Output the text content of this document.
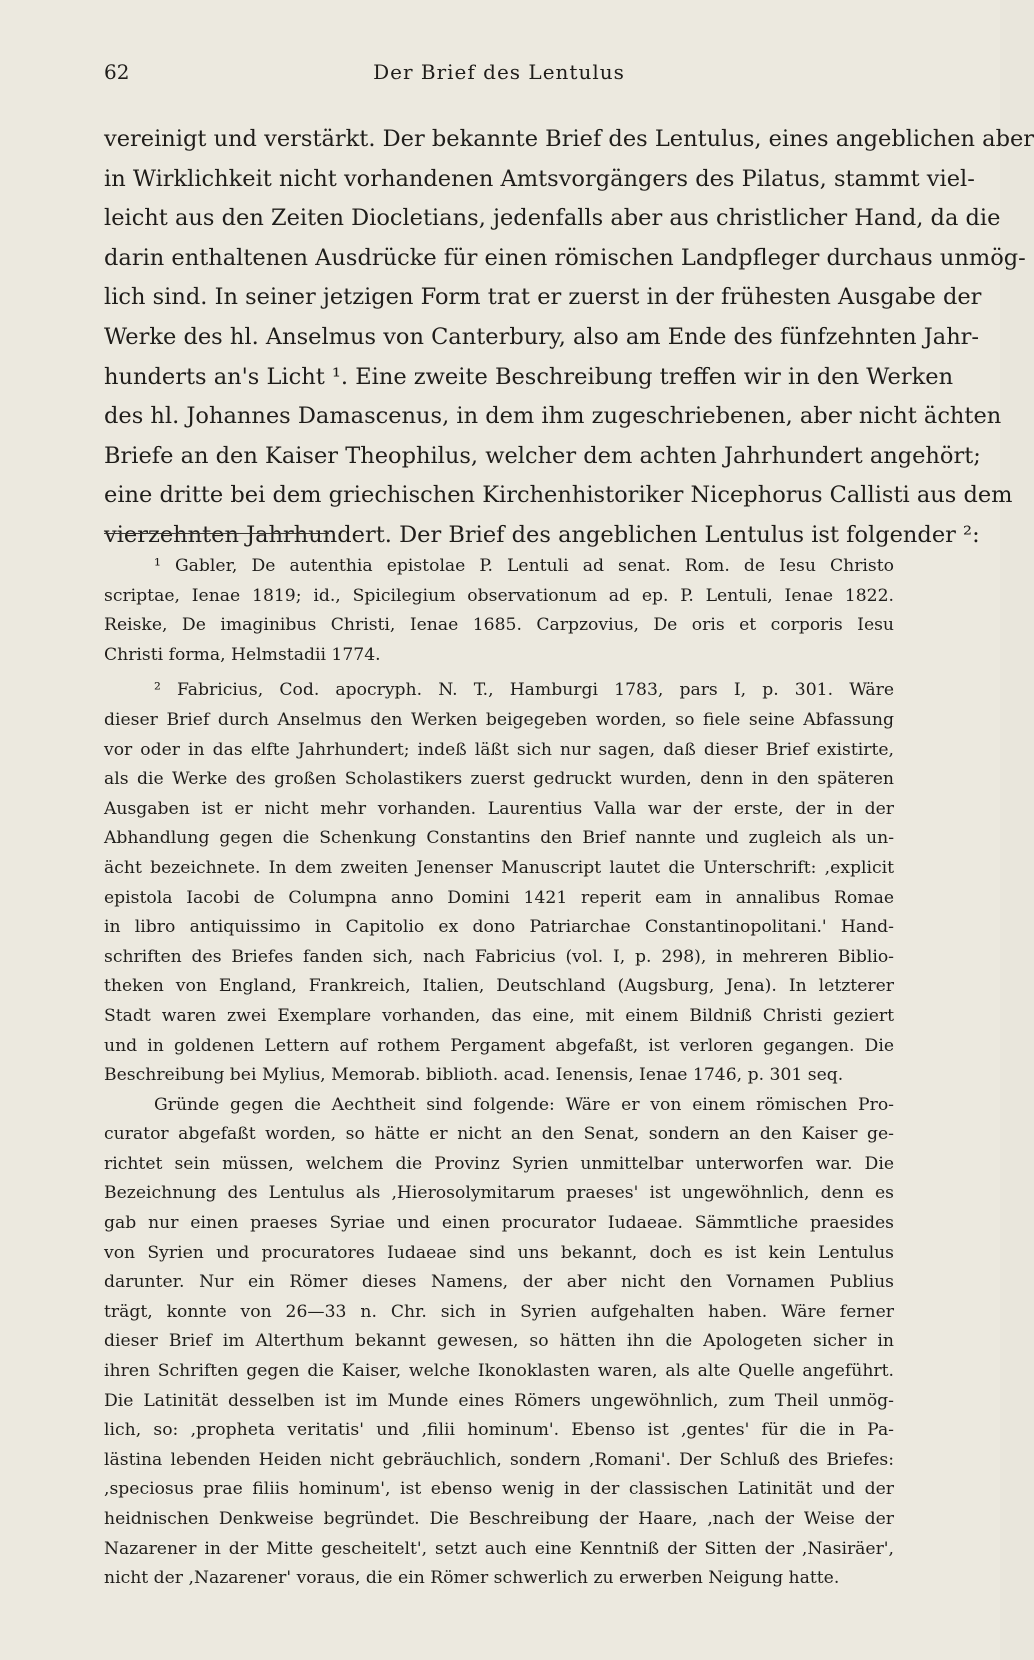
62	Der Brief des Lentulus
vereinigt und verstärkt. Der bekannte Brief des Lentulus, eines angeblichen aber
in Wirklichkeit nicht vorhandenen Amtsvorgängers des Pilatus, stammt viel-
leicht aus den Zeiten Diocletians, jedenfalls aber aus christlicher Hand, da die
darin enthaltenen Ausdrücke für einen römischen Landpfleger durchaus unmög-
lich sind. In seiner jetzigen Form trat er zuerst in der frühesten Ausgabe der
Werke des hl. Anselmus von Canterbury, also am Ende des fünfzehnten Jahr-
hunderts an's Licht ¹. Eine zweite Beschreibung treffen wir in den Werken
des hl. Johannes Damascenus, in dem ihm zugeschriebenen, aber nicht ächten
Briefe an den Kaiser Theophilus, welcher dem achten Jahrhundert angehört;
eine dritte bei dem griechischen Kirchenhistoriker Nicephorus Callisti aus dem
vierzehnten Jahrhundert. Der Brief des angeblichen Lentulus ist folgender ²:
¹ Gabler, De autenthia epistolae P. Lentuli ad senat. Rom. de Iesu Christo
scriptae, Ienae 1819; id., Spicilegium observationum ad ep. P. Lentuli, Ienae 1822.
Reiske, De imaginibus Christi, Ienae 1685. Carpzovius, De oris et corporis Iesu
Christi forma, Helmstadii 1774.
² Fabricius, Cod. apocryph. N. T., Hamburgi 1783, pars I, p. 301. Wäre
dieser Brief durch Anselmus den Werken beigegeben worden, so fiele seine Abfassung
vor oder in das elfte Jahrhundert; indeß läßt sich nur sagen, daß dieser Brief existirte,
als die Werke des großen Scholastikers zuerst gedruckt wurden, denn in den späteren
Ausgaben ist er nicht mehr vorhanden. Laurentius Valla war der erste, der in der
Abhandlung gegen die Schenkung Constantins den Brief nannte und zugleich als un-
ächt bezeichnete. In dem zweiten Jenenser Manuscript lautet die Unterschrift: ,explicit
epistola Iacobi de Columpna anno Domini 1421 reperit eam in annalibus Romae
in libro antiquissimo in Capitolio ex dono Patriarchae Constantinopolitani.' Hand-
schriften des Briefes fanden sich, nach Fabricius (vol. I, p. 298), in mehreren Biblio-
theken von England, Frankreich, Italien, Deutschland (Augsburg, Jena). In letzterer
Stadt waren zwei Exemplare vorhanden, das eine, mit einem Bildniß Christi geziert
und in goldenen Lettern auf rothem Pergament abgefaßt, ist verloren gegangen. Die
Beschreibung bei Mylius, Memorab. biblioth. acad. Ienensis, Ienae 1746, p. 301 seq.
Gründe gegen die Aechtheit sind folgende: Wäre er von einem römischen Pro-
curator abgefaßt worden, so hätte er nicht an den Senat, sondern an den Kaiser ge-
richtet sein müssen, welchem die Provinz Syrien unmittelbar unterworfen war. Die
Bezeichnung des Lentulus als ,Hierosolymitarum praeses' ist ungewöhnlich, denn es
gab nur einen praeses Syriae und einen procurator Iudaeae. Sämmtliche praesides
von Syrien und procuratores Iudaeae sind uns bekannt, doch es ist kein Lentulus
darunter. Nur ein Römer dieses Namens, der aber nicht den Vornamen Publius
trägt, konnte von 26—33 n. Chr. sich in Syrien aufgehalten haben. Wäre ferner
dieser Brief im Alterthum bekannt gewesen, so hätten ihn die Apologeten sicher in
ihren Schriften gegen die Kaiser, welche Ikonoklasten waren, als alte Quelle angeführt.
Die Latinität desselben ist im Munde eines Römers ungewöhnlich, zum Theil unmög-
lich, so: ,propheta veritatis' und ,filii hominum'. Ebenso ist ,gentes' für die in Pa-
lästina lebenden Heiden nicht gebräuchlich, sondern ,Romani'. Der Schluß des Briefes:
,speciosus prae filiis hominum', ist ebenso wenig in der classischen Latinität und der
heidnischen Denkweise begründet. Die Beschreibung der Haare, ,nach der Weise der
Nazarener in der Mitte gescheitelt', setzt auch eine Kenntniß der Sitten der ,Nasiräer',
nicht der ,Nazarener' voraus, die ein Römer schwerlich zu erwerben Neigung hatte.
